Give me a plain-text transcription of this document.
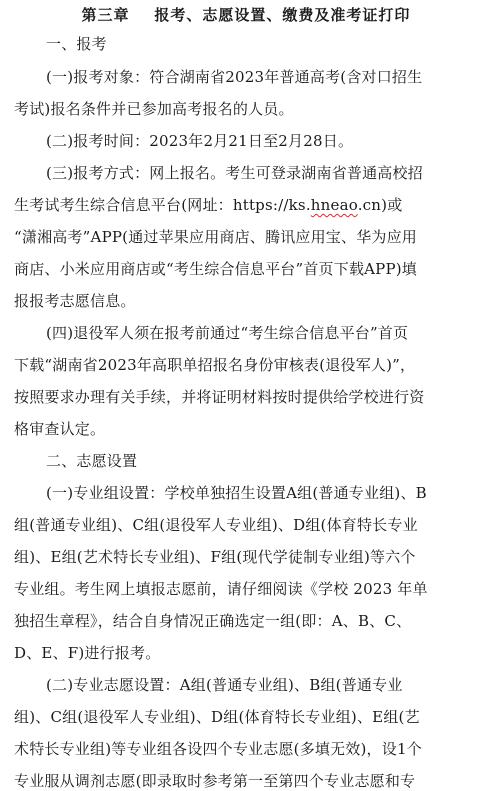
第三章    报考、志愿设置、缴费及准考证打印
一、报考
(一)报考对象：符合湖南省2023年普通高考(含对口招生
考试)报名条件并已参加高考报名的人员。
(二)报考时间：2023年2月21日至2月28日。
(三)报考方式：网上报名。考生可登录湖南省普通高校招
生考试考生综合信息平台(网址：https://ks.hneao.cn)或
“潇湘高考”APP(通过苹果应用商店、腾讯应用宝、华为应用
商店、小米应用商店或“考生综合信息平台”首页下载APP)填
报报考志愿信息。
(四)退役军人须在报考前通过“考生综合信息平台”首页
下载“湖南省2023年高职单招报名身份审核表(退役军人)”，
按照要求办理有关手续，并将证明材料按时提供给学校进行资
格审查认定。
二、志愿设置
(一)专业组设置：学校单独招生设置A组(普通专业组)、B
组(普通专业组)、C组(退役军人专业组)、D组(体育特长专业
组)、E组(艺术特长专业组)、F组(现代学徒制专业组)等六个
专业组。考生网上填报志愿前，请仔细阅读《学校 2023 年单
独招生章程》，结合自身情况正确选定一组(即：A、B、C、
D、E、F)进行报考。
(二)专业志愿设置：A组(普通专业组)、B组(普通专业
组)、C组(退役军人专业组)、D组(体育特长专业组)、E组(艺
术特长专业组)等专业组各设四个专业志愿(多填无效)，设1个
专业服从调剂志愿(即录取时参考第一至第四个专业志愿和专
